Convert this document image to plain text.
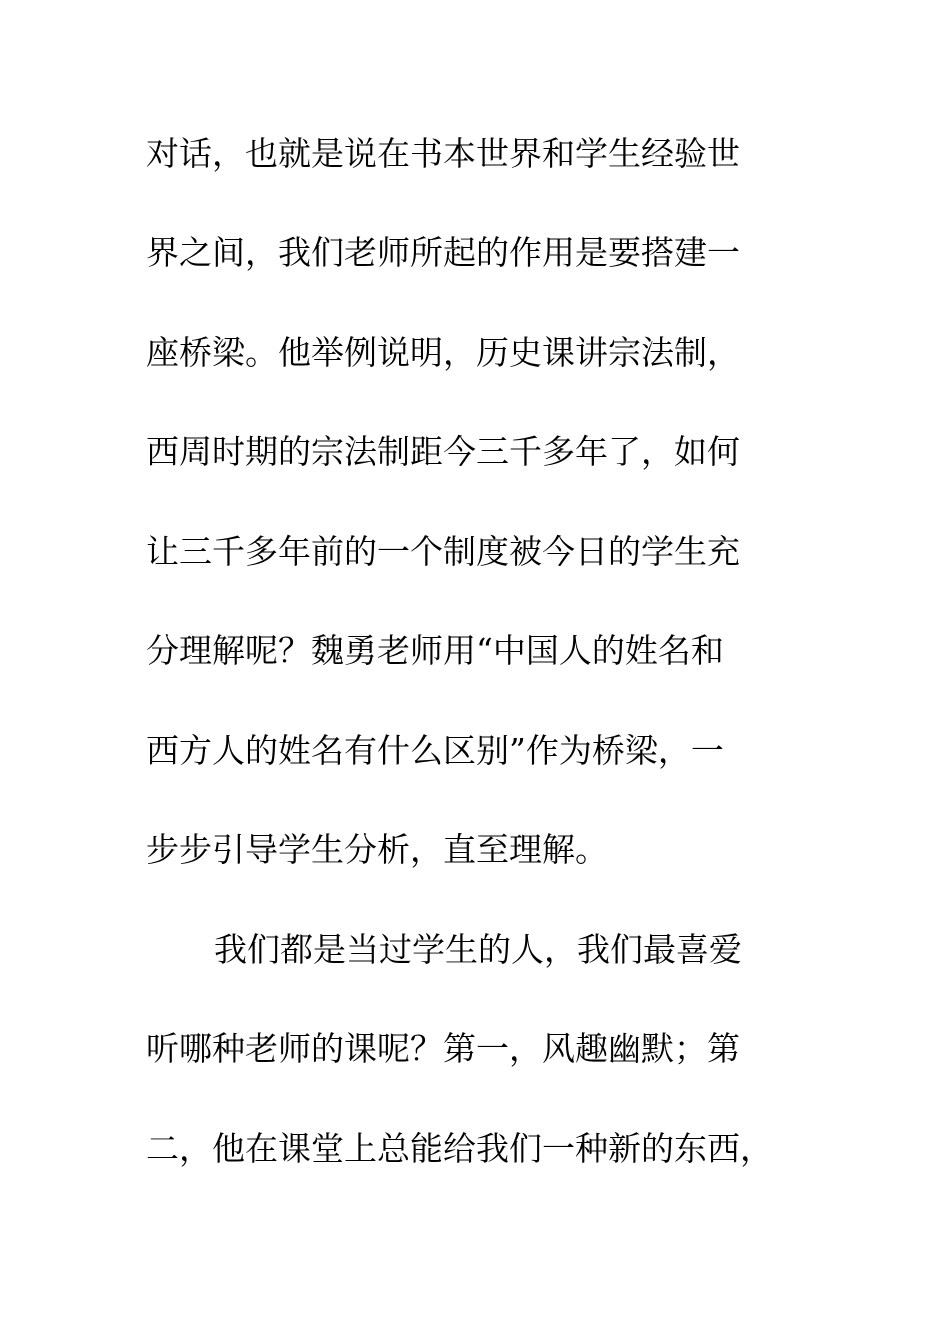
对话，也就是说在书本世界和学生经验世
界之间，我们老师所起的作用是要搭建一
座桥梁。他举例说明，历史课讲宗法制，
西周时期的宗法制距今三千多年了，如何
让三千多年前的一个制度被今日的学生充
分理解呢？魏勇老师用“中国人的姓名和
西方人的姓名有什么区别”作为桥梁，一
步步引导学生分析，直至理解。
我们都是当过学生的人，我们最喜爱
听哪种老师的课呢？第一，风趣幽默；第
二，他在课堂上总能给我们一种新的东西，
